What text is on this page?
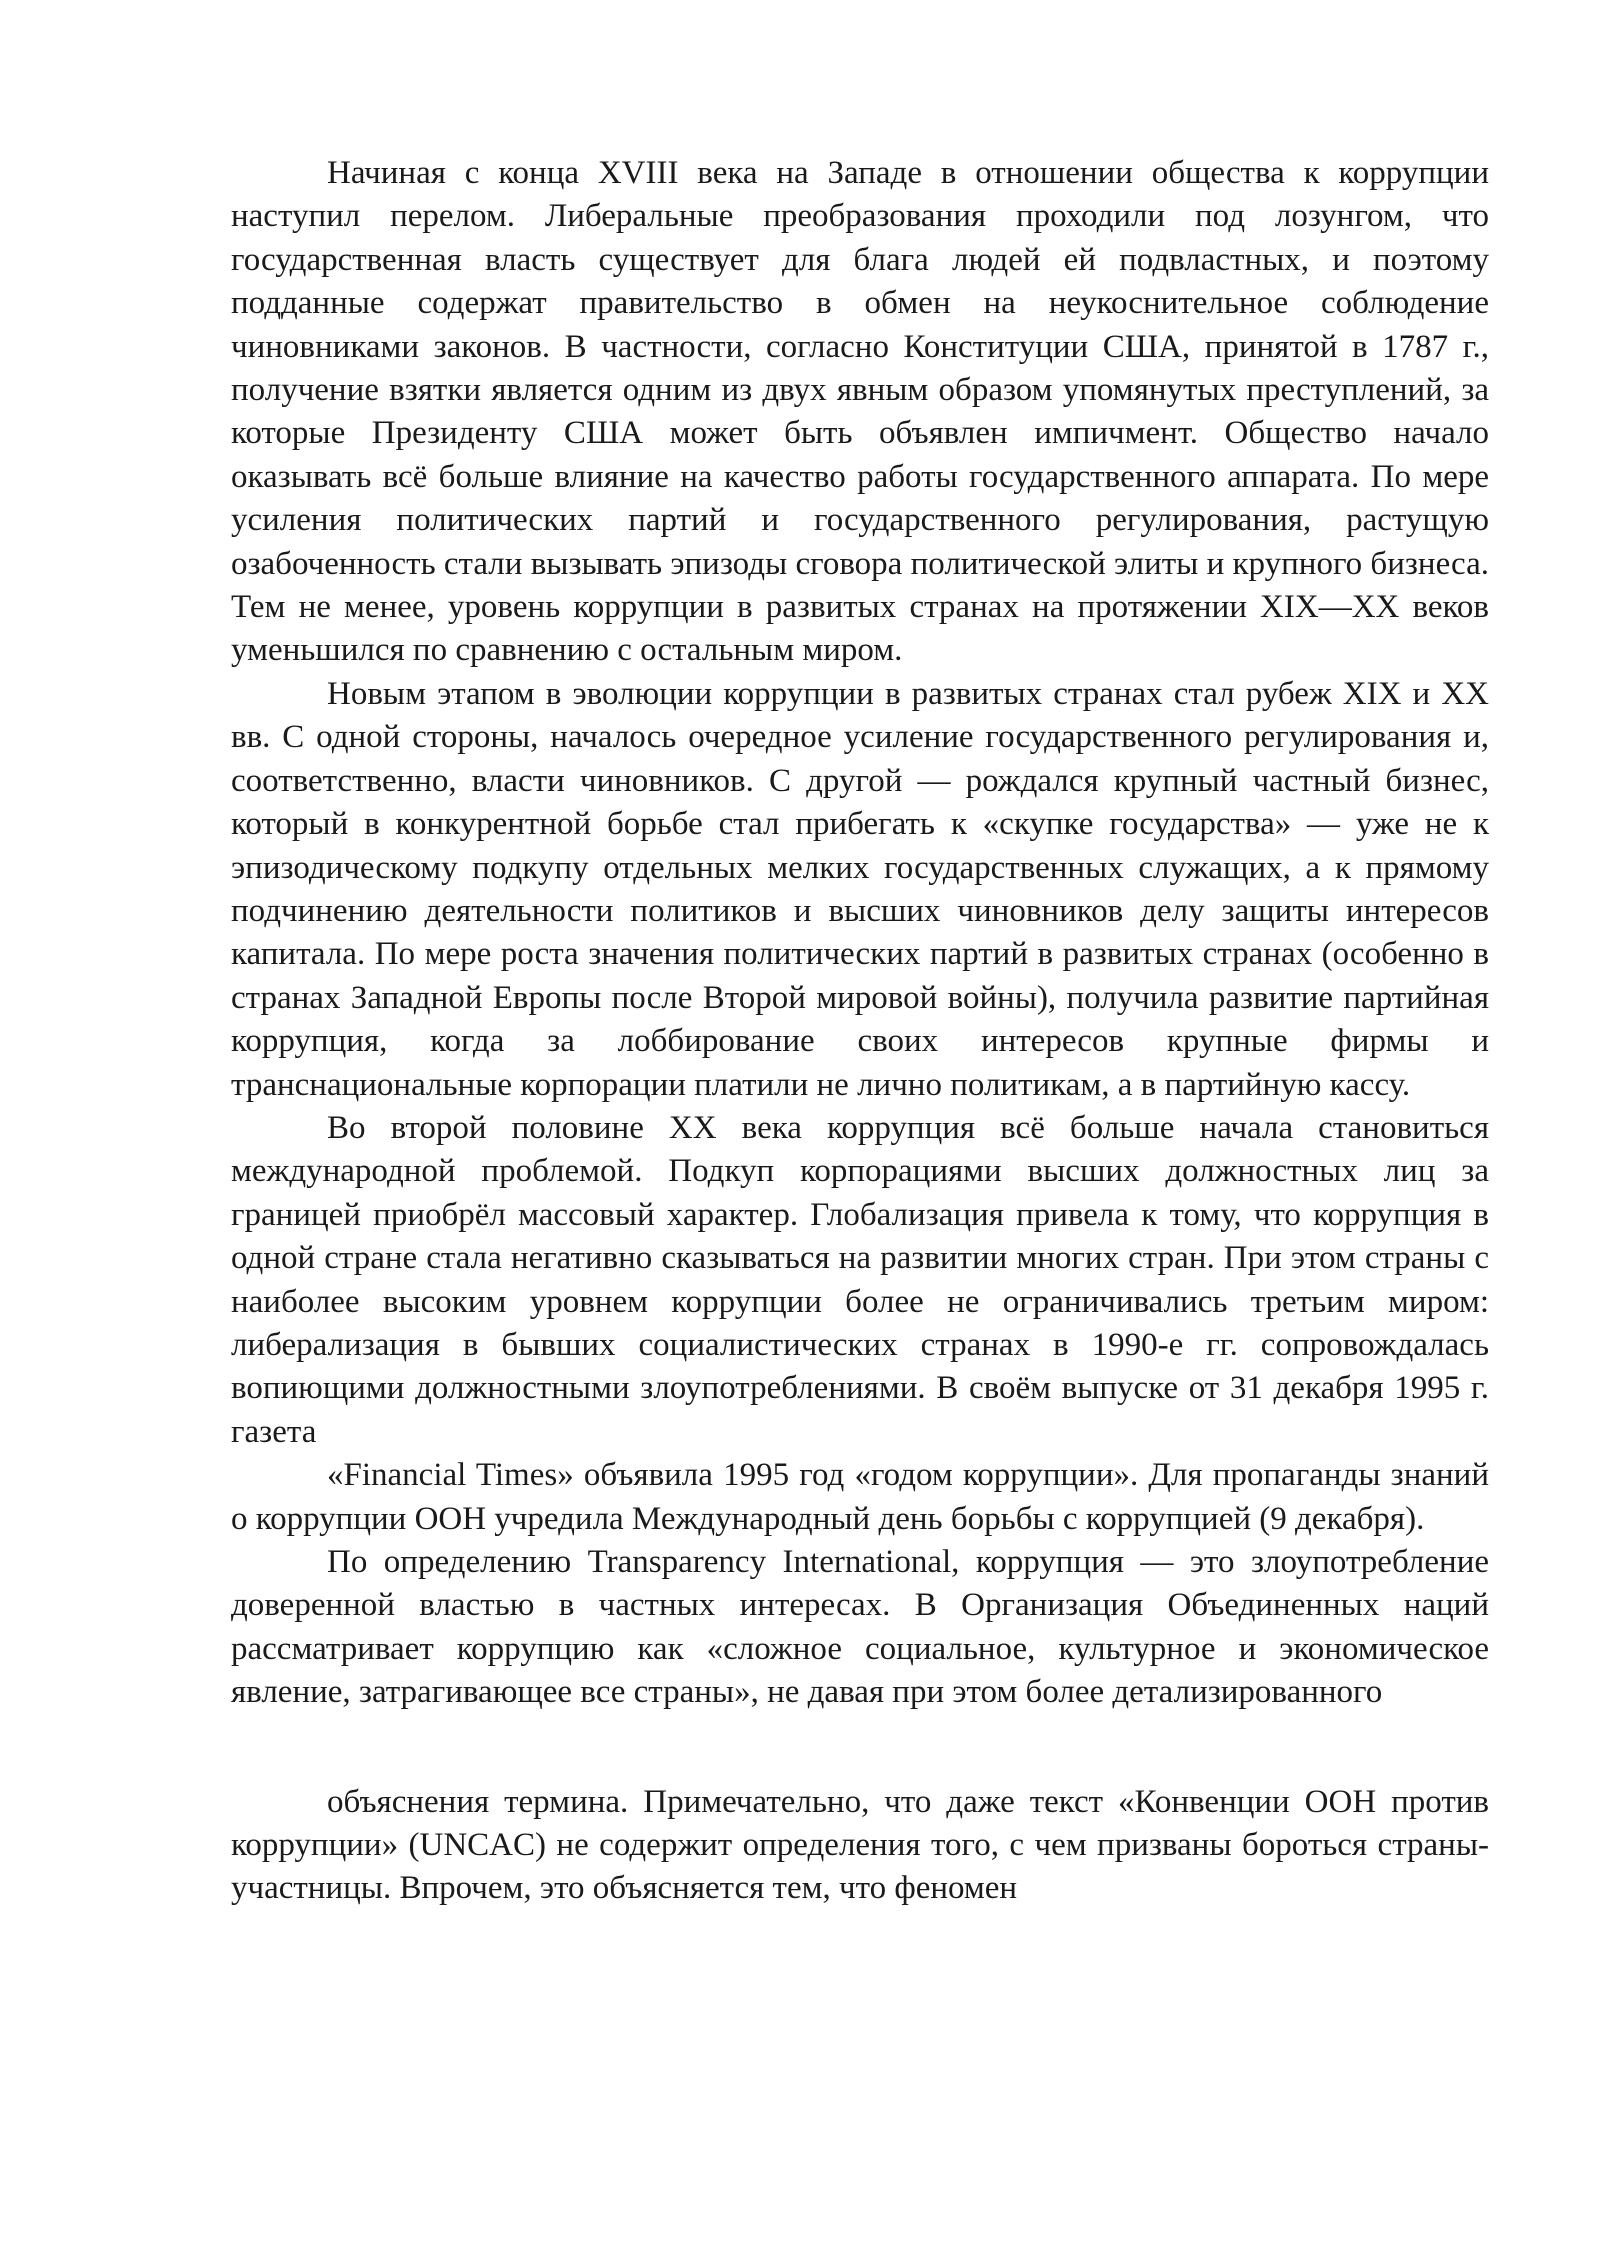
Начиная с конца XVIII века на Западе в отношении общества к коррупции наступил перелом. Либеральные преобразования проходили под лозунгом, что государственная власть существует для блага людей ей подвластных, и поэтому подданные содержат правительство в обмен на неукоснительное соблюдение чиновниками законов. В частности, согласно Конституции США, принятой в 1787 г., получение взятки является одним из двух явным образом упомянутых преступлений, за которые Президенту США может быть объявлен импичмент. Общество начало оказывать всё больше влияние на качество работы государственного аппарата. По мере усиления политических партий и государственного регулирования, растущую озабоченность стали вызывать эпизоды сговора политической элиты и крупного бизнеса. Тем не менее, уровень коррупции в развитых странах на протяжении XIX—XX веков уменьшился по сравнению с остальным миром.

Новым этапом в эволюции коррупции в развитых странах стал рубеж XIX и XX вв. С одной стороны, началось очередное усиление государственного регулирования и, соответственно, власти чиновников. С другой — рождался крупный частный бизнес, который в конкурентной борьбе стал прибегать к «скупке государства» — уже не к эпизодическому подкупу отдельных мелких государственных служащих, а к прямому подчинению деятельности политиков и высших чиновников делу защиты интересов капитала. По мере роста значения политических партий в развитых странах (особенно в странах Западной Европы после Второй мировой войны), получила развитие партийная коррупция, когда за лоббирование своих интересов крупные фирмы и транснациональные корпорации платили не лично политикам, а в партийную кассу.

Во второй половине XX века коррупция всё больше начала становиться международной проблемой. Подкуп корпорациями высших должностных лиц за границей приобрёл массовый характер. Глобализация привела к тому, что коррупция в одной стране стала негативно сказываться на развитии многих стран. При этом страны с наиболее высоким уровнем коррупции более не ограничивались третьим миром: либерализация в бывших социалистических странах в 1990-е гг. сопровождалась вопиющими должностными злоупотреблениями. В своём выпуске от 31 декабря 1995 г. газета

«Financial Times» объявила 1995 год «годом коррупции». Для пропаганды знаний о коррупции ООН учредила Международный день борьбы с коррупцией (9 декабря).

По определению Transparency International, коррупция — это злоупотребление доверенной властью в частных интересах. В Организация Объединенных наций рассматривает коррупцию как «сложное социальное, культурное и экономическое явление, затрагивающее все страны», не давая при этом более детализированного

объяснения термина. Примечательно, что даже текст «Конвенции ООН против коррупции» (UNCAC) не содержит определения того, с чем призваны бороться страны- участницы. Впрочем, это объясняется тем, что феномен
